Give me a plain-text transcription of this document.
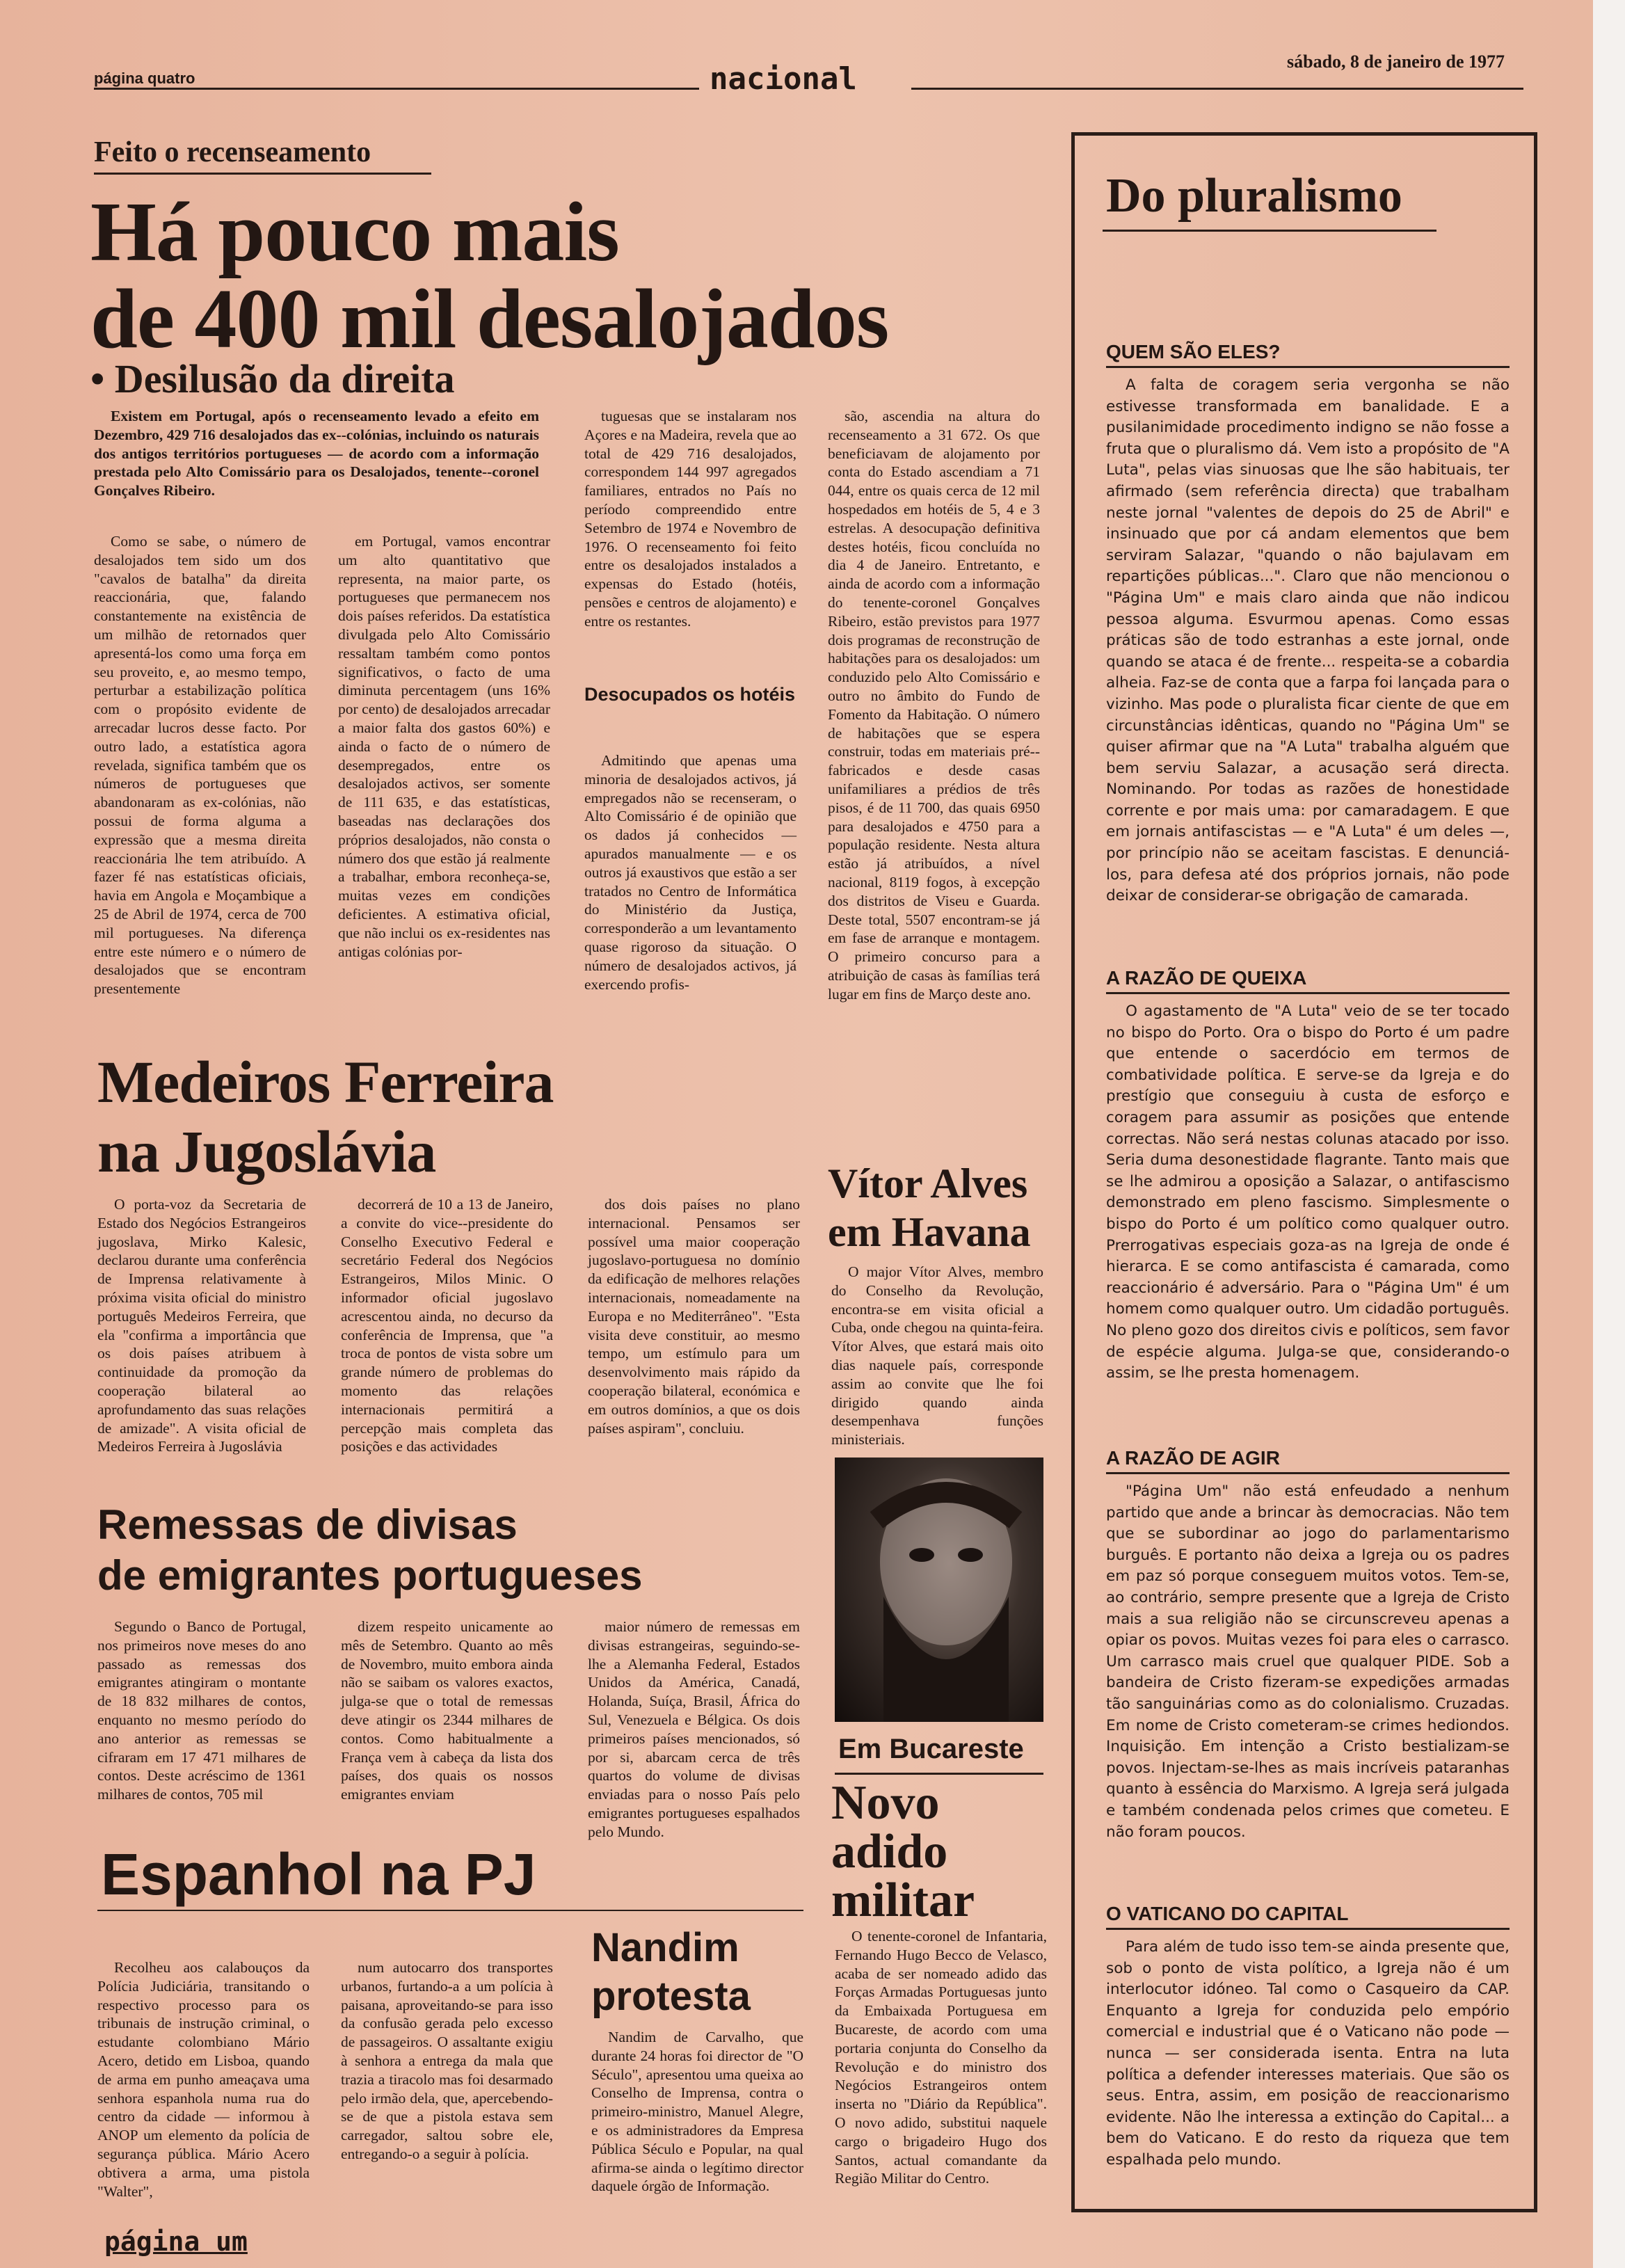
página quatro	nacional	sábado, 8 de janeiro de 1977
Feito o recenseamento
Há pouco mais
de 400 mil desalojados
• Desilusão da direita

Existem em Portugal, após o recenseamento levado a efeito em Dezembro, 429 716 desalojados das ex--colónias, incluindo os naturais dos antigos territórios portugueses — de acordo com a informação prestada pelo Alto Comissário para os Desalojados, tenente--coronel Gonçalves Ribeiro.

Como se sabe, o número de desalojados tem sido um dos "cavalos de batalha" da direita reaccionária, que, falando constantemente na existência de um milhão de retornados quer apresentá-los como uma força em seu proveito, e, ao mesmo tempo, perturbar a estabilização política com o propósito evidente de arrecadar lucros desse facto. Por outro lado, a estatística agora revelada, significa também que os números de portugueses que abandonaram as ex-colónias, não possui de forma alguma a expressão que a mesma direita reaccionária lhe tem atribuído. A fazer fé nas estatísticas oficiais, havia em Angola e Moçambique a 25 de Abril de 1974, cerca de 700 mil portugueses. Na diferença entre este número e o número de desalojados que se encontram presentemente

em Portugal, vamos encontrar um alto quantitativo que representa, na maior parte, os portugueses que permanecem nos dois países referidos. Da estatística divulgada pelo Alto Comissário ressaltam também como pontos significativos, o facto de uma diminuta percentagem (uns 16% por cento) de desalojados arrecadar a maior falta dos gastos 60%) e ainda o facto de o número de desempregados, entre os desalojados activos, ser somente de 111 635, e das estatísticas, baseadas nas declarações dos próprios desalojados, não consta o número dos que estão já realmente a trabalhar, embora reconheça-se, muitas vezes em condições deficientes. A estimativa oficial, que não inclui os ex-residentes nas antigas colónias por-

tuguesas que se instalaram nos Açores e na Madeira, revela que ao total de 429 716 desalojados, correspondem 144 997 agregados familiares, entrados no País no período compreendido entre Setembro de 1974 e Novembro de 1976. O recenseamento foi feito entre os desalojados instalados a expensas do Estado (hotéis, pensões e centros de alojamento) e entre os restantes.

Desocupados os hotéis

Admitindo que apenas uma minoria de desalojados activos, já empregados não se recenseram, o Alto Comissário é de opinião que os dados já conhecidos — apurados manualmente — e os outros já exaustivos que estão a ser tratados no Centro de Informática do Ministério da Justiça, corresponderão a um levantamento quase rigoroso da situação. O número de desalojados activos, já exercendo profis-

são, ascendia na altura do recenseamento a 31 672. Os que beneficiavam de alojamento por conta do Estado ascendiam a 71 044, entre os quais cerca de 12 mil hospedados em hotéis de 5, 4 e 3 estrelas. A desocupação definitiva destes hotéis, ficou concluída no dia 4 de Janeiro. Entretanto, e ainda de acordo com a informação do tenente-coronel Gonçalves Ribeiro, estão previstos para 1977 dois programas de reconstrução de habitações para os desalojados: um conduzido pelo Alto Comissário e outro no âmbito do Fundo de Fomento da Habitação. O número de habitações que se espera construir, todas em materiais pré--fabricados e desde casas unifamiliares a prédios de três pisos, é de 11 700, das quais 6950 para desalojados e 4750 para a população residente. Nesta altura estão já atribuídos, a nível nacional, 8119 fogos, à excepção dos distritos de Viseu e Guarda. Deste total, 5507 encontram-se já em fase de arranque e montagem. O primeiro concurso para a atribuição de casas às famílias terá lugar em fins de Março deste ano.

Medeiros Ferreira
na Jugoslávia

O porta-voz da Secretaria de Estado dos Negócios Estrangeiros jugoslava, Mirko Kalesic, declarou durante uma conferência de Imprensa relativamente à próxima visita oficial do ministro português Medeiros Ferreira, que ela "confirma a importância que os dois países atribuem à continuidade da promoção da cooperação bilateral ao aprofundamento das suas relações de amizade". A visita oficial de Medeiros Ferreira à Jugoslávia

decorrerá de 10 a 13 de Janeiro, a convite do vice--presidente do Conselho Executivo Federal e secretário Federal dos Negócios Estrangeiros, Milos Minic. O informador oficial jugoslavo acrescentou ainda, no decurso da conferência de Imprensa, que "a troca de pontos de vista sobre um grande número de problemas do momento das relações internacionais permitirá a percepção mais completa das posições e das actividades

dos dois países no plano internacional. Pensamos ser possível uma maior cooperação jugoslavo-portuguesa no domínio da edificação de melhores relações internacionais, nomeadamente na Europa e no Mediterrâneo". "Esta visita deve constituir, ao mesmo tempo, um estímulo para um desenvolvimento mais rápido da cooperação bilateral, económica e em outros domínios, a que os dois países aspiram", concluiu.

Vítor Alves
em Havana

O major Vítor Alves, membro do Conselho da Revolução, encontra-se em visita oficial a Cuba, onde chegou na quinta-feira. Vítor Alves, que estará mais oito dias naquele país, corresponde assim ao convite que lhe foi dirigido quando ainda desempenhava funções ministeriais.

Remessas de divisas
de emigrantes portugueses

Segundo o Banco de Portugal, nos primeiros nove meses do ano passado as remessas dos emigrantes atingiram o montante de 18 832 milhares de contos, enquanto no mesmo período do ano anterior as remessas se cifraram em 17 471 milhares de contos. Deste acréscimo de 1361 milhares de contos, 705 mil

dizem respeito unicamente ao mês de Setembro. Quanto ao mês de Novembro, muito embora ainda não se saibam os valores exactos, julga-se que o total de remessas deve atingir os 2344 milhares de contos. Como habitualmente a França vem à cabeça da lista dos países, dos quais os nossos emigrantes enviam

maior número de remessas em divisas estrangeiras, seguindo-se-lhe a Alemanha Federal, Estados Unidos da América, Canadá, Holanda, Suíça, Brasil, África do Sul, Venezuela e Bélgica. Os dois primeiros países mencionados, só por si, abarcam cerca de três quartos do volume de divisas enviadas para o nosso País pelo emigrantes portugueses espalhados pelo Mundo.

Espanhol na PJ

Recolheu aos calabouços da Polícia Judiciária, transitando o respectivo processo para os tribunais de instrução criminal, o estudante colombiano Mário Acero, detido em Lisboa, quando de arma em punho ameaçava uma senhora espanhola numa rua do centro da cidade — informou à ANOP um elemento da polícia de segurança pública. Mário Acero obtivera a arma, uma pistola "Walter",

num autocarro dos transportes urbanos, furtando-a a um polícia à paisana, aproveitando-se para isso da confusão gerada pelo excesso de passageiros. O assaltante exigiu à senhora a entrega da mala que trazia a tiracolo mas foi desarmado pelo irmão dela, que, apercebendo-se de que a pistola estava sem carregador, saltou sobre ele, entregando-o a seguir à polícia.

Nandim
protesta

Nandim de Carvalho, que durante 24 horas foi director de "O Século", apresentou uma queixa ao Conselho de Imprensa, contra o primeiro-ministro, Manuel Alegre, e os administradores da Empresa Pública Século e Popular, na qual afirma-se ainda o legítimo director daquele órgão de Informação.

Em Bucareste
Novo
adido
militar

O tenente-coronel de Infantaria, Fernando Hugo Becco de Velasco, acaba de ser nomeado adido das Forças Armadas Portuguesas junto da Embaixada Portuguesa em Bucareste, de acordo com uma portaria conjunta do Conselho da Revolução e do ministro dos Negócios Estrangeiros ontem inserta no "Diário da República". O novo adido, substitui naquele cargo o brigadeiro Hugo dos Santos, actual comandante da Região Militar do Centro.

Do pluralismo
QUEM SÃO ELES?

A falta de coragem seria vergonha se não estivesse transformada em banalidade. E a pusilanimidade procedimento indigno se não fosse a fruta que o pluralismo dá. Vem isto a propósito de "A Luta", pelas vias sinuosas que lhe são habituais, ter afirmado (sem referência directa) que trabalham neste jornal "valentes de depois do 25 de Abril" e insinuado que por cá andam elementos que bem serviram Salazar, "quando o não bajulavam em repartições públicas...". Claro que não mencionou o "Página Um" e mais claro ainda que não indicou pessoa alguma. Esvurmou apenas. Como essas práticas são de todo estranhas a este jornal, onde quando se ataca é de frente... respeita-se a cobardia alheia. Faz-se de conta que a farpa foi lançada para o vizinho. Mas pode o pluralista ficar ciente de que em circunstâncias idênticas, quando no "Página Um" se quiser afirmar que na "A Luta" trabalha alguém que bem serviu Salazar, a acusação será directa. Nominando. Por todas as razões de honestidade corrente e por mais uma: por camaradagem. E que em jornais antifascistas — e "A Luta" é um deles —, por princípio não se aceitam fascistas. E denunciá-los, para defesa até dos próprios jornais, não pode deixar de considerar-se obrigação de camarada.

A RAZÃO DE QUEIXA

O agastamento de "A Luta" veio de se ter tocado no bispo do Porto. Ora o bispo do Porto é um padre que entende o sacerdócio em termos de combatividade política. E serve-se da Igreja e do prestígio que conseguiu à custa de esforço e coragem para assumir as posições que entende correctas. Não será nestas colunas atacado por isso. Seria duma desonestidade flagrante. Tanto mais que se lhe admirou a oposição a Salazar, o antifascismo demonstrado em pleno fascismo. Simplesmente o bispo do Porto é um político como qualquer outro. Prerrogativas especiais goza-as na Igreja de onde é hierarca. E se como antifascista é camarada, como reaccionário é adversário. Para o "Página Um" é um homem como qualquer outro. Um cidadão português. No pleno gozo dos direitos civis e políticos, sem favor de espécie alguma. Julga-se que, considerando-o assim, se lhe presta homenagem.

A RAZÃO DE AGIR

"Página Um" não está enfeudado a nenhum partido que ande a brincar às democracias. Não tem que se subordinar ao jogo do parlamentarismo burguês. E portanto não deixa a Igreja ou os padres em paz só porque conseguem muitos votos. Tem-se, ao contrário, sempre presente que a Igreja de Cristo mais a sua religião não se circunscreveu apenas a opiar os povos. Muitas vezes foi para eles o carrasco. Um carrasco mais cruel que qualquer PIDE. Sob a bandeira de Cristo fizeram-se expedições armadas tão sanguinárias como as do colonialismo. Cruzadas. Em nome de Cristo cometeram-se crimes hediondos. Inquisição. Em intenção a Cristo bestializam-se povos. Injectam-se-lhes as mais incríveis pataranhas quanto à essência do Marxismo. A Igreja será julgada e também condenada pelos crimes que cometeu. E não foram poucos.

O VATICANO DO CAPITAL

Para além de tudo isso tem-se ainda presente que, sob o ponto de vista político, a Igreja não é um interlocutor idóneo. Tal como o Casqueiro da CAP. Enquanto a Igreja for conduzida pelo empório comercial e industrial que é o Vaticano não pode — nunca — ser considerada isenta. Entra na luta política a defender interesses materiais. Que são os seus. Entra, assim, em posição de reaccionarismo evidente. Não lhe interessa a extinção do Capital... a bem do Vaticano. E do resto da riqueza que tem espalhada pelo mundo.

página um
